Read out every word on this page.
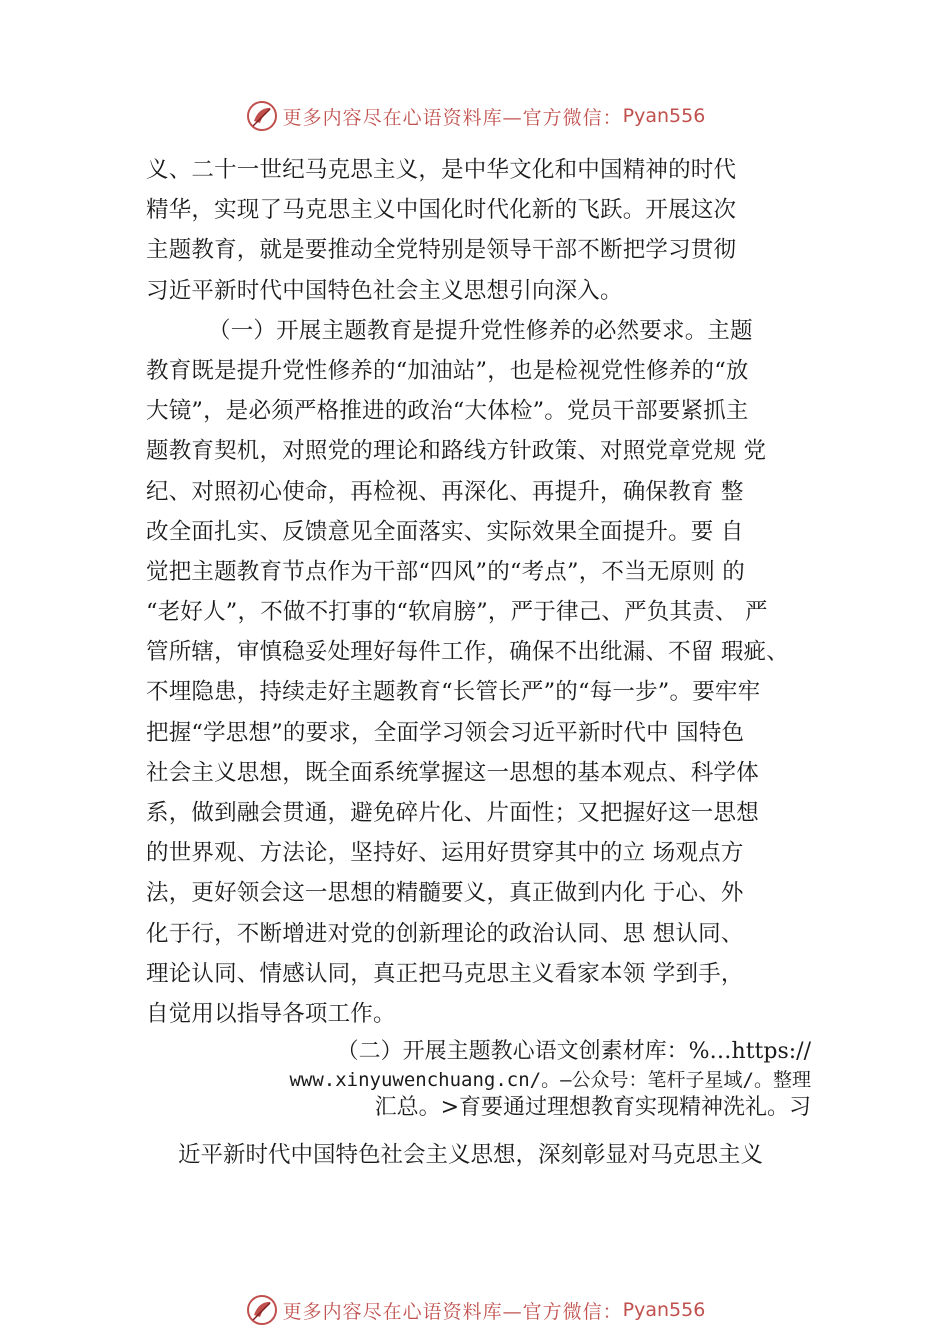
更多内容尽在心语资料库—官方微信： Pyan556
义、二十一世纪马克思主义，是中华文化和中国精神的时代
精华，实现了马克思主义中国化时代化新的飞跃。开展这次
主题教育，就是要推动全党特别是领导干部不断把学习贯彻
习近平新时代中国特色社会主义思想引向深入。
（一）开展主题教育是提升党性修养的必然要求。主题
教育既是提升党性修养的“加油站”，也是检视党性修养的“放
大镜”，是必须严格推进的政治“大体检”。党员干部要紧抓主
题教育契机，对照党的理论和路线方针政策、对照党章党规 党
纪、对照初心使命，再检视、再深化、再提升，确保教育 整
改全面扎实、反馈意见全面落实、实际效果全面提升。要 自
觉把主题教育节点作为干部“四风”的“考点”，不当无原则 的
“老好人”，不做不打事的“软肩膀”，严于律己、严负其责、 严
管所辖，审慎稳妥处理好每件工作，确保不出纰漏、不留 瑕疵、
不埋隐患，持续走好主题教育“长管长严”的“每一步”。要牢牢
把握“学思想”的要求，全面学习领会习近平新时代中 国特色
社会主义思想，既全面系统掌握这一思想的基本观点、科学体
系，做到融会贯通，避免碎片化、片面性；又把握好这一思想
的世界观、方法论，坚持好、运用好贯穿其中的立 场观点方
法，更好领会这一思想的精髓要义，真正做到内化 于心、外
化于行，不断增进对党的创新理论的政治认同、思 想认同、
理论认同、情感认同，真正把马克思主义看家本领 学到手，
自觉用以指导各项工作。
（二）开展主题教心语文创素材库：%…https://
www.xinyuwenchuang.cn/。—公众号：笔杆子星域/。整理
汇总。>育要通过理想教育实现精神洗礼。习
近平新时代中国特色社会主义思想，深刻彰显对马克思主义
更多内容尽在心语资料库—官方微信： Pyan556
